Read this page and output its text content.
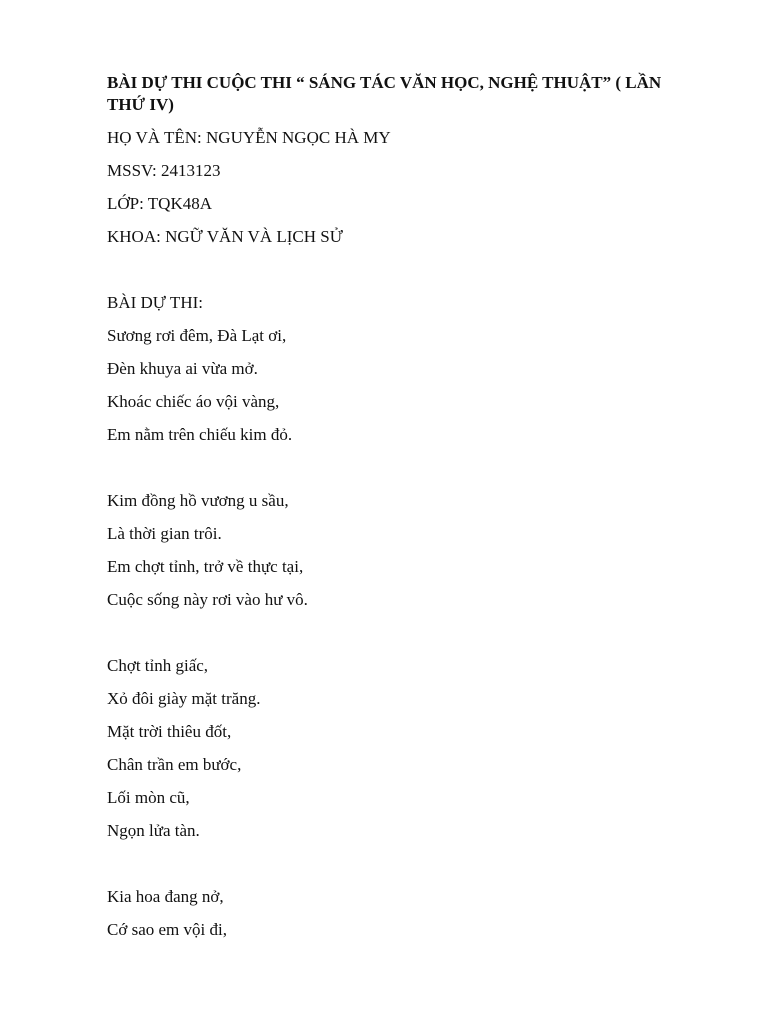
BÀI DỰ THI CUỘC THI “ SÁNG TÁC VĂN HỌC, NGHỆ THUẬT” ( LẦN THỨ IV)
HỌ VÀ TÊN: NGUYỄN NGỌC HÀ MY
MSSV: 2413123
LỚP: TQK48A
KHOA: NGỮ VĂN VÀ LỊCH SỬ
BÀI DỰ THI:
Sương rơi đêm, Đà Lạt ơi,
Đèn khuya ai vừa mở.
Khoác chiếc áo vội vàng,
Em nằm trên chiếu kim đỏ.
Kim đồng hồ vương u sầu,
Là thời gian trôi.
Em chợt tỉnh, trở về thực tại,
Cuộc sống này rơi vào hư vô.
Chợt tỉnh giấc,
Xỏ đôi giày mặt trăng.
Mặt trời thiêu đốt,
Chân trần em bước,
Lối mòn cũ,
Ngọn lửa tàn.
Kia hoa đang nở,
Cớ sao em vội đi,
